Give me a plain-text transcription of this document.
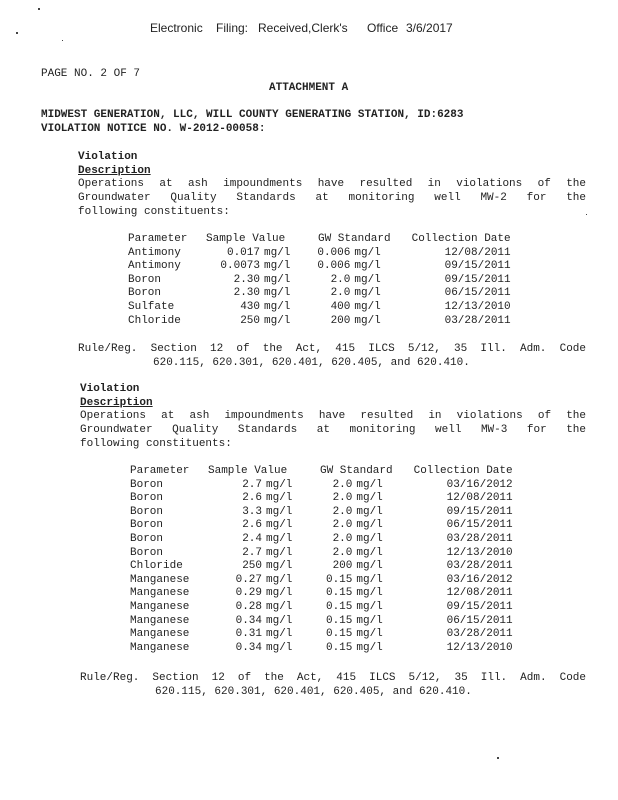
Electronic Filing: Received,Clerk's Office 3/6/2017
PAGE NO. 2 OF 7
ATTACHMENT A
MIDWEST GENERATION, LLC, WILL COUNTY GENERATING STATION, ID:6283
VIOLATION NOTICE NO. W-2012-00058:
Violation
Description
Operations at ash impoundments have resulted in violations of the
Groundwater Quality Standards at monitoring well MW-2 for the
following constituents:
Parameter	Sample Value		GW Standard		Collection Date
Antimony	0.017	mg/l	0.006	mg/l	12/08/2011
Antimony	0.0073	mg/l	0.006	mg/l	09/15/2011
Boron	2.30	mg/l	2.0	mg/l	09/15/2011
Boron	2.30	mg/l	2.0	mg/l	06/15/2011
Sulfate	430	mg/l	400	mg/l	12/13/2010
Chloride	250	mg/l	200	mg/l	03/28/2011
Rule/Reg. Section 12 of the Act, 415 ILCS 5/12, 35 Ill. Adm. Code
620.115, 620.301, 620.401, 620.405, and 620.410.
Violation
Description
Operations at ash impoundments have resulted in violations of the
Groundwater Quality Standards at monitoring well MW-3 for the
following constituents:
Parameter	Sample Value		GW Standard		Collection Date
Boron	2.7	mg/l	2.0	mg/l	03/16/2012
Boron	2.6	mg/l	2.0	mg/l	12/08/2011
Boron	3.3	mg/l	2.0	mg/l	09/15/2011
Boron	2.6	mg/l	2.0	mg/l	06/15/2011
Boron	2.4	mg/l	2.0	mg/l	03/28/2011
Boron	2.7	mg/l	2.0	mg/l	12/13/2010
Chloride	250	mg/l	200	mg/l	03/28/2011
Manganese	0.27	mg/l	0.15	mg/l	03/16/2012
Manganese	0.29	mg/l	0.15	mg/l	12/08/2011
Manganese	0.28	mg/l	0.15	mg/l	09/15/2011
Manganese	0.34	mg/l	0.15	mg/l	06/15/2011
Manganese	0.31	mg/l	0.15	mg/l	03/28/2011
Manganese	0.34	mg/l	0.15	mg/l	12/13/2010
Rule/Reg. Section 12 of the Act, 415 ILCS 5/12, 35 Ill. Adm. Code
620.115, 620.301, 620.401, 620.405, and 620.410.
